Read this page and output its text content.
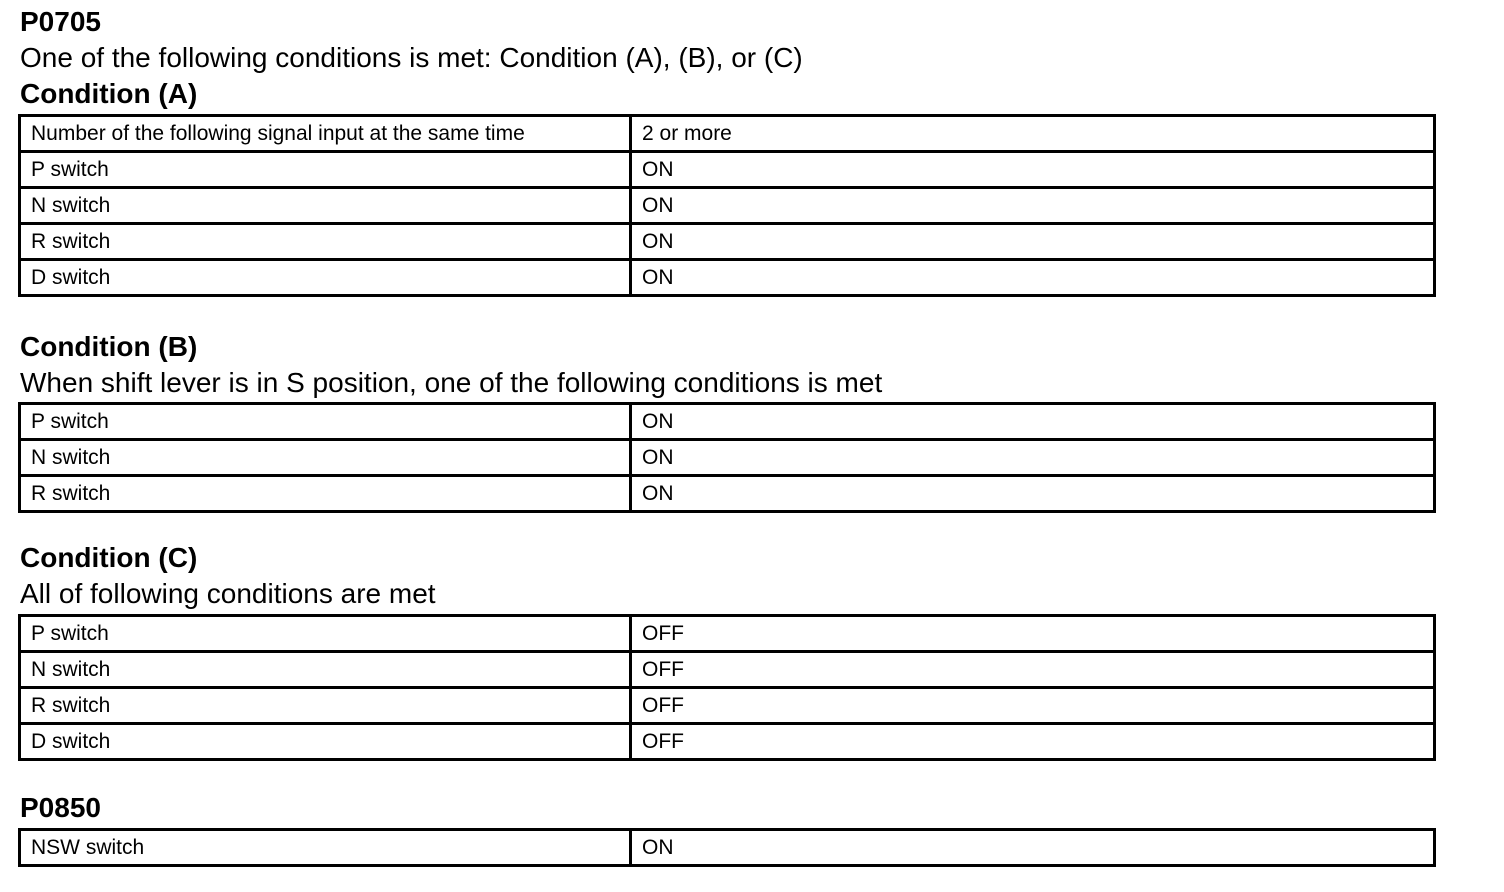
P0705
One of the following conditions is met: Condition (A), (B), or (C)
Condition (A)
Number of the following signal input at the same time	2 or more
P switch	ON
N switch	ON
R switch	ON
D switch	ON
Condition (B)
When shift lever is in S position, one of the following conditions is met
P switch	ON
N switch	ON
R switch	ON
Condition (C)
All of following conditions are met
P switch	OFF
N switch	OFF
R switch	OFF
D switch	OFF
P0850
NSW switch	ON
